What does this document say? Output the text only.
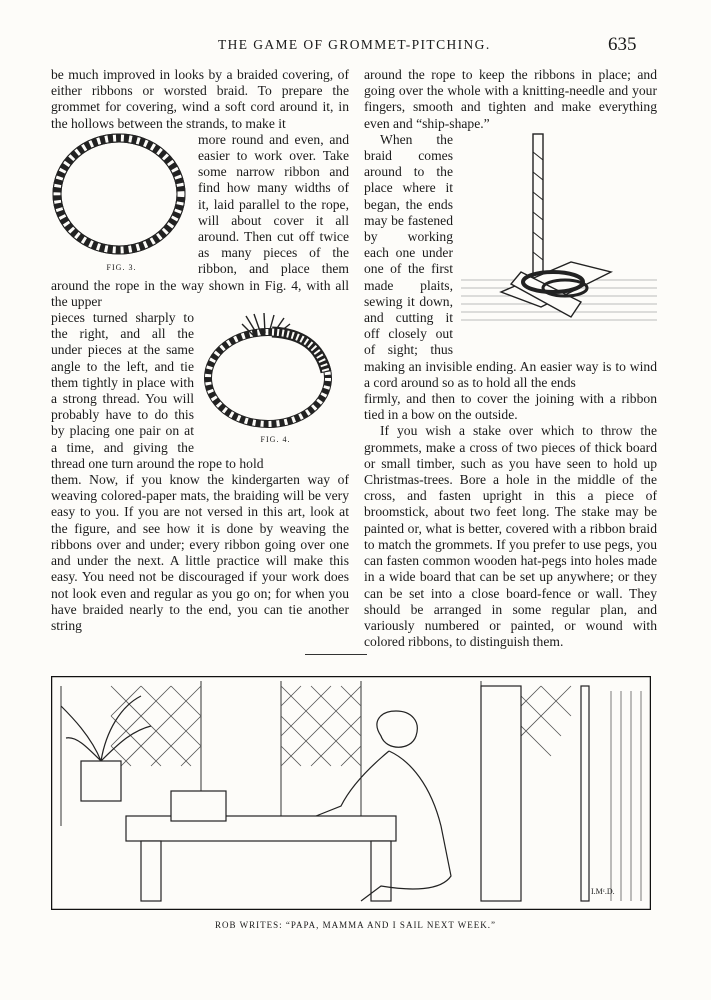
THE GAME OF GROMMET-PITCHING.	635

be much improved in looks by a braided covering, of either ribbons or worsted braid. To prepare the grommet for covering, wind a soft cord around it, in the hollows between the strands, to make it

FIG. 3.

more round and even, and easier to work over. Take some narrow ribbon and find how many widths of it, laid parallel to the rope, will about cover it all around. Then cut off twice as many pieces of the ribbon, and place them around the rope in the way shown in Fig. 4, with all the upper

FIG. 4.

pieces turned sharply to the right, and all the under pieces at the same angle to the left, and tie them tightly in place with a strong thread. You will probably have to do this by placing one pair on at a time, and giving the thread one turn around the rope to hold

them. Now, if you know the kindergarten way of weaving colored-paper mats, the braiding will be very easy to you. If you are not versed in this art, look at the figure, and see how it is done by weaving the ribbons over and under; every ribbon going over one and under the next. A little practice will make this easy. You need not be discouraged if your work does not look even and regular as you go on; for when you have braided nearly to the end, you can tie another string

around the rope to keep the ribbons in place; and going over the whole with a knitting-needle and your fingers, smooth and tighten and make everything even and “ship-shape.”

When the braid comes around to the place where it began, the ends may be fastened by working each one under one of the first made plaits, sewing it down, and cutting it off closely out of sight; thus making an invisible ending. An easier way is to wind a cord around so as to hold all the ends

firmly, and then to cover the joining with a ribbon tied in a bow on the outside.

If you wish a stake over which to throw the grommets, make a cross of two pieces of thick board or small timber, such as you have seen to hold up Christmas-trees. Bore a hole in the middle of the cross, and fasten upright in this a piece of broomstick, about two feet long. The stake may be painted or, what is better, covered with a ribbon braid to match the grommets. If you prefer to use pegs, you can fasten common wooden hat-pegs into holes made in a wide board that can be set up anywhere; or they can be set into a close board-fence or wall. They should be arranged in some regular plan, and variously numbered or painted, or wound with colored ribbons, to distinguish them.

I.Mᶜ.D.
ROB WRITES: “PAPA, MAMMA AND I SAIL NEXT WEEK.”
